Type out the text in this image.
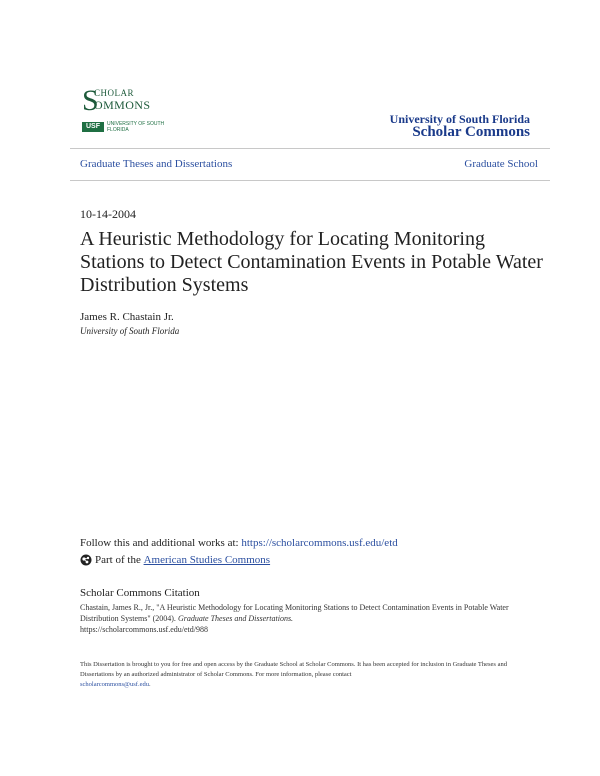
S
CHOLAR
OMMONS
USF	UNIVERSITY OF SOUTH FLORIDA
University of South Florida
Scholar Commons
Graduate Theses and Dissertations	Graduate School
10-14-2004
A Heuristic Methodology for Locating Monitoring Stations to Detect Contamination Events in Potable Water Distribution Systems
James R. Chastain Jr.
University of South Florida
Follow this and additional works at: https://scholarcommons.usf.edu/etd
Part of the
American Studies Commons
Scholar Commons Citation
Chastain, James R., Jr., "A Heuristic Methodology for Locating Monitoring Stations to Detect Contamination Events in Potable Water Distribution Systems" (2004). Graduate Theses and Dissertations.
https://scholarcommons.usf.edu/etd/988
This Dissertation is brought to you for free and open access by the Graduate School at Scholar Commons. It has been accepted for inclusion in Graduate Theses and Dissertations by an authorized administrator of Scholar Commons. For more information, please contact
scholarcommons@usf.edu.
